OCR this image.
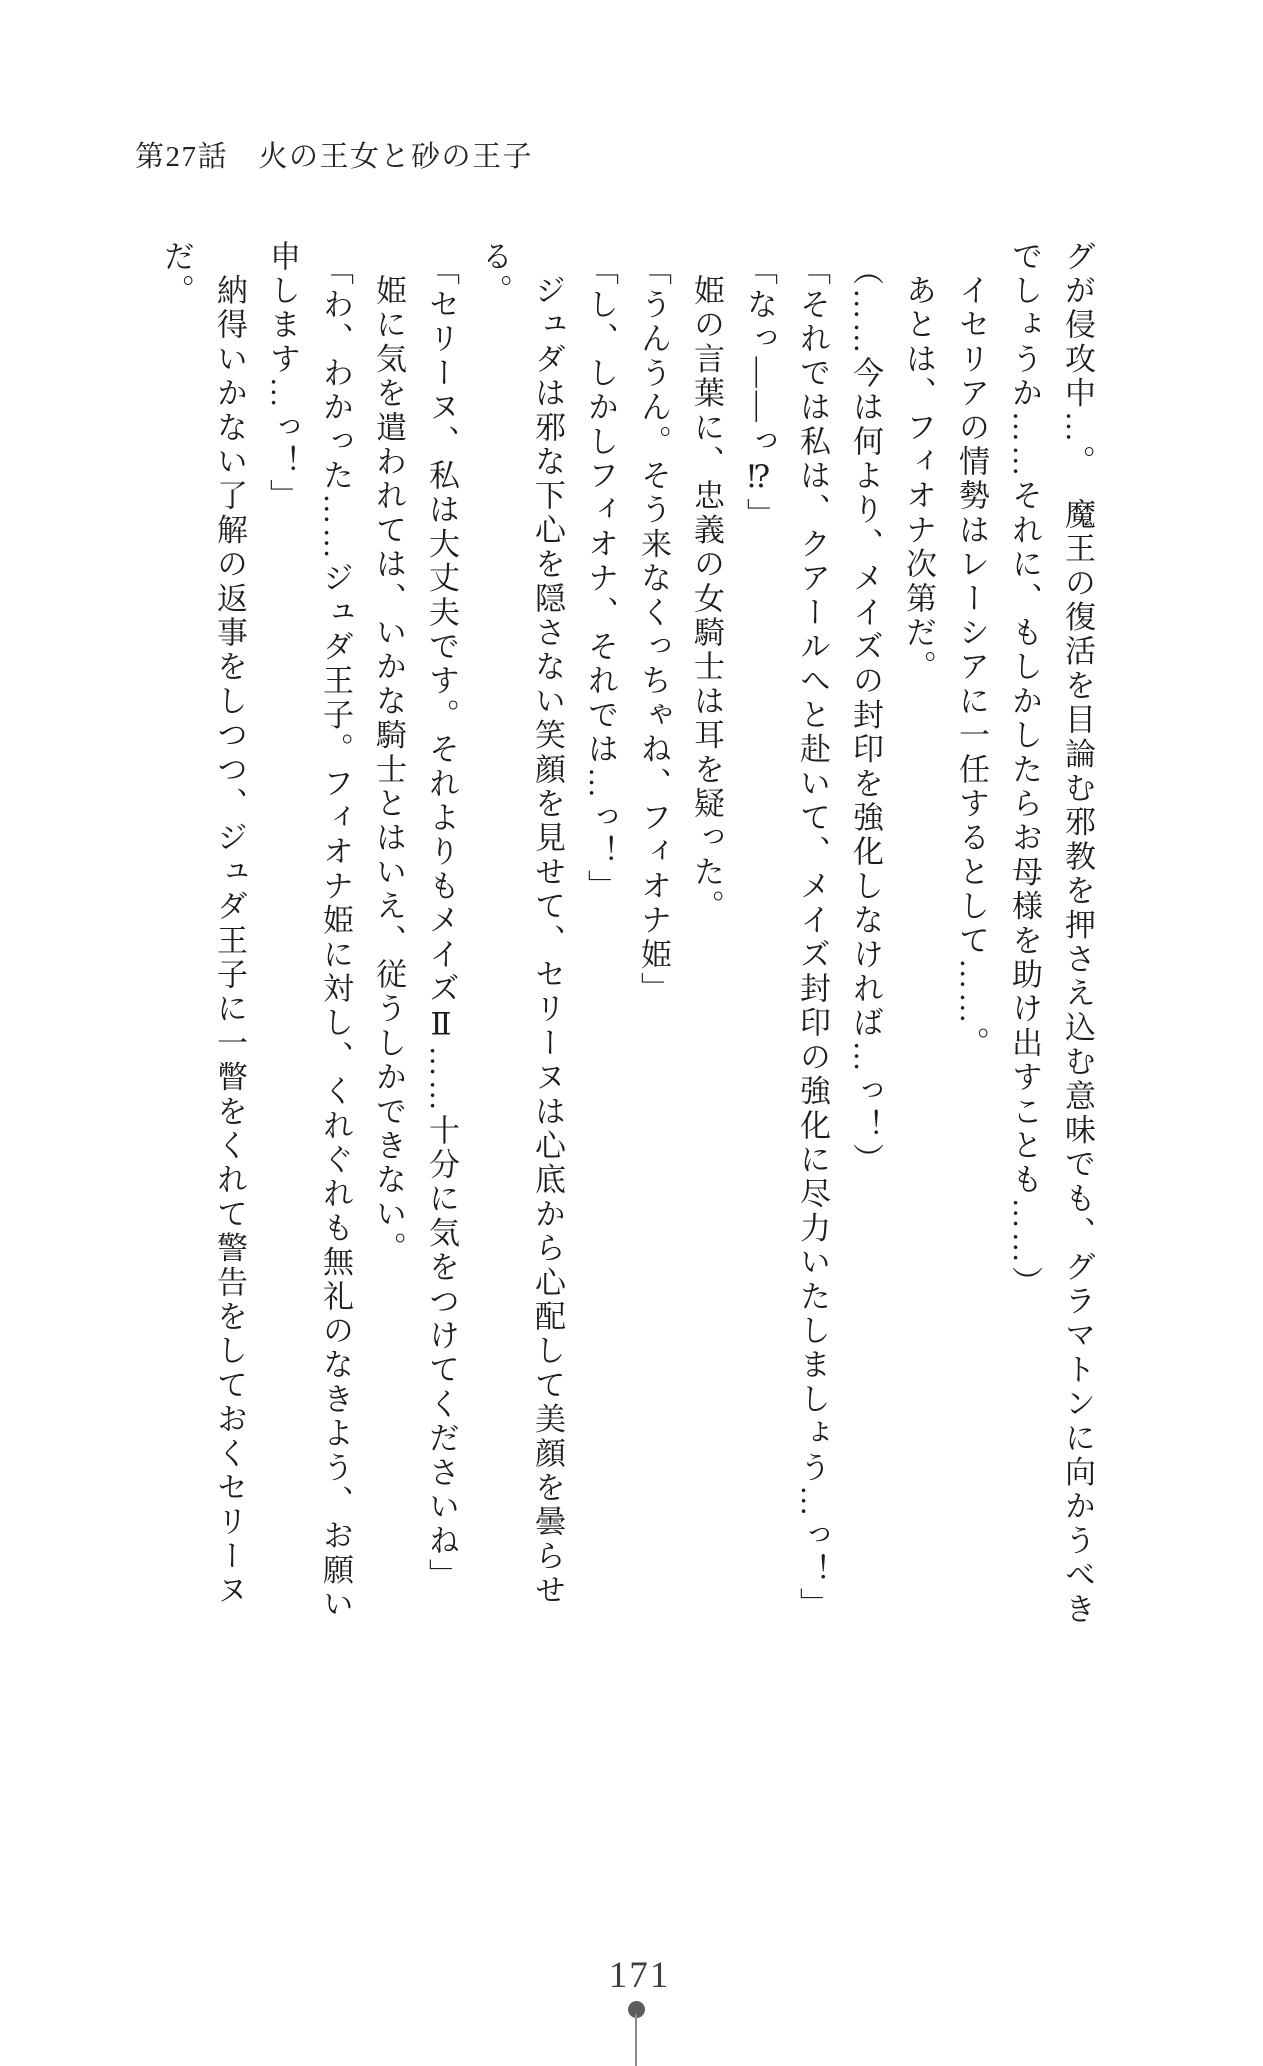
第27話　火の王女と砂の王子

グが侵攻中…。　魔王の復活を目論む邪教を押さえ込む意味でも、グラマトンに向かうべき

でしょうか……それに、もしかしたらお母様を助け出すことも……）

　イセリアの情勢はレーシアに一任するとして……。

　あとは、フィオナ次第だ。

（……今は何より、メイズの封印を強化しなければ…っ！）

「それでは私は、クアールへと赴いて、メイズ封印の強化に尽力いたしましょう…っ！」

「なっ――っ⁉」

　姫の言葉に、忠義の女騎士は耳を疑った。

「うんうん。そう来なくっちゃね、フィオナ姫」

「し、しかしフィオナ、それでは…っ！」

　ジュダは邪な下心を隠さない笑顔を見せて、セリーヌは心底から心配して美顔を曇らせ

る。

「セリーヌ、私は大丈夫です。それよりもメイズⅡ……十分に気をつけてくださいね」

　姫に気を遣われては、いかな騎士とはいえ、従うしかできない。

「わ、わかった……ジュダ王子。フィオナ姫に対し、くれぐれも無礼のなきよう、お願い

申します…っ！」

　納得いかない了解の返事をしつつ、ジュダ王子に一瞥をくれて警告をしておくセリーヌ

だ。

171
